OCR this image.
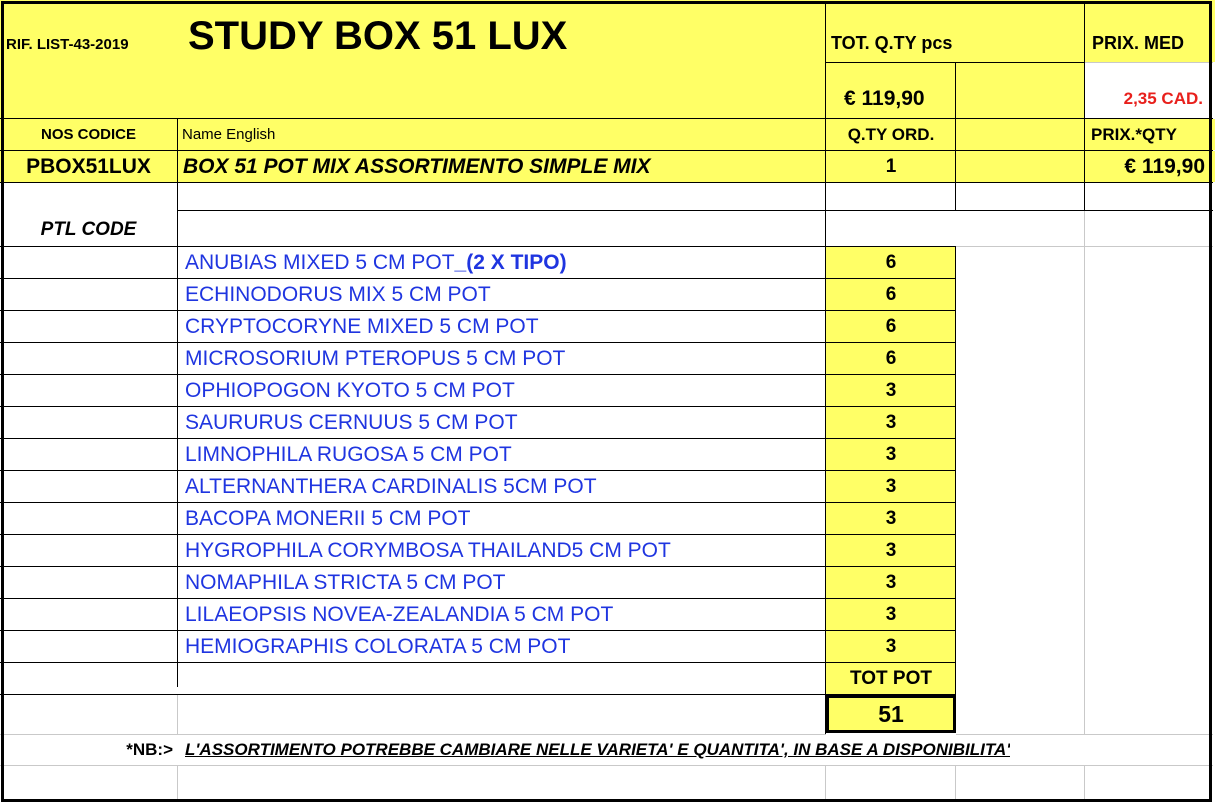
RIF. LIST-43-2019 STUDY BOX 51 LUX	TOT. Q.TY pcs	PRIX. MED
€ 119,90	2,35 CAD.
NOS CODICE	Name English	Q.TY ORD.	PRIX.*QTY
PBOX51LUX	BOX 51 POT MIX ASSORTIMENTO SIMPLE MIX	1	€ 119,90
PTL CODE
ANUBIAS MIXED 5 CM POT _(2 X TIPO)	6
ECHINODORUS MIX 5 CM POT	6
CRYPTOCORYNE MIXED 5 CM POT	6
MICROSORIUM PTEROPUS 5 CM POT	6
OPHIOPOGON KYOTO 5 CM POT	3
SAURURUS CERNUUS 5 CM POT	3
LIMNOPHILA RUGOSA 5 CM POT	3
ALTERNANTHERA CARDINALIS 5CM POT	3
BACOPA MONERII 5 CM POT	3
HYGROPHILA CORYMBOSA THAILAND5 CM POT	3
NOMAPHILA STRICTA 5 CM POT	3
LILAEOPSIS NOVEA-ZEALANDIA 5 CM POT	3
HEMIOGRAPHIS COLORATA 5 CM POT	3
TOT POT
51
*NB:> L'ASSORTIMENTO POTREBBE CAMBIARE NELLE VARIETA' E QUANTITA', IN BASE A DISPONIBILITA'
